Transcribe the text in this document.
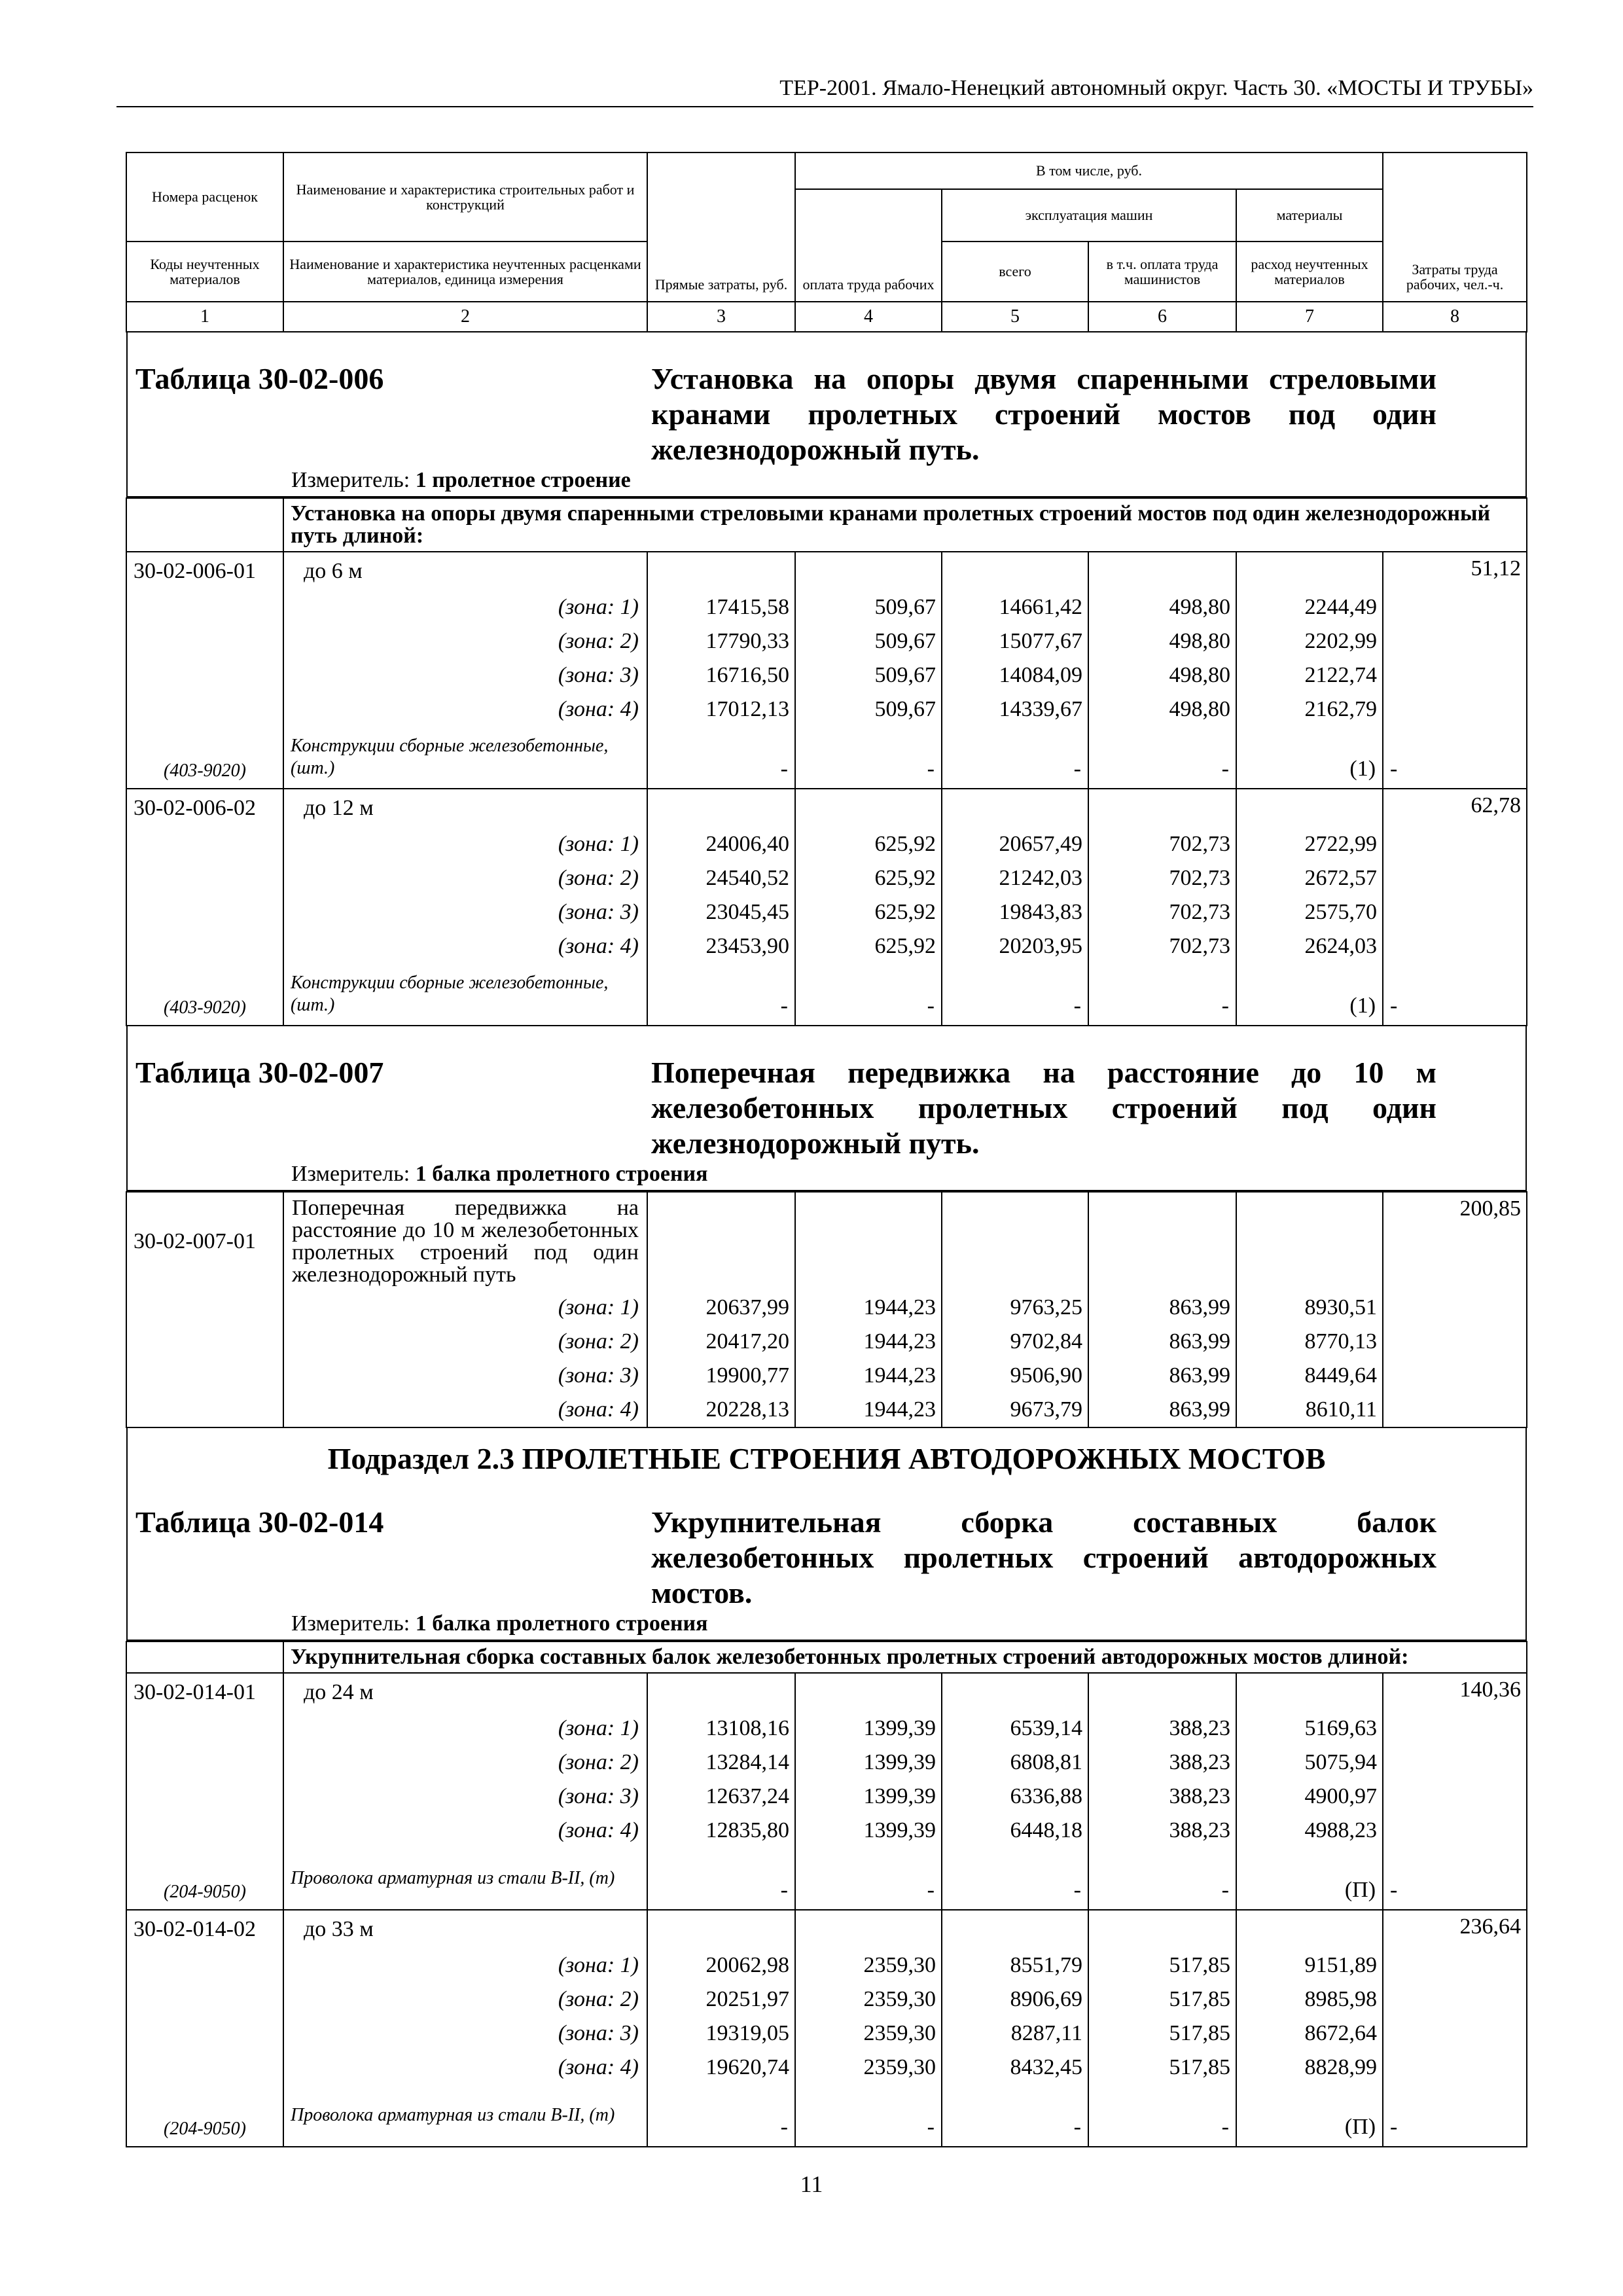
ТЕР-2001. Ямало-Ненецкий автономный округ. Часть 30. «МОСТЫ И ТРУБЫ»
Номера расценок	Наименование и характеристика строительных работ и конструкций	Прямые затраты, руб.	В том числе, руб.				Затраты труда рабочих, чел.-ч.
			оплата труда рабочих	эксплуатация машин		материалы	
Коды неучтенных материалов	Наименование и характеристика неучтенных расценками материалов, единица измерения			всего	в т.ч. оплата труда машинистов	расход неучтенных материалов	
1	2	3	4	5	6	7	8

Таблица 30-02-006 Установка на опоры двумя спаренными стреловыми кранами пролетных строений мостов под один железнодорожный путь.
Измеритель: 1 пролетное строение							

	Установка на опоры двумя спаренными стреловыми кранами пролетных строений мостов под один железнодорожный путь длиной:						
30-02-006-01	до 6 м						51,12
	(зона: 1)	17415,58	509,67	14661,42	498,80	2244,49	
	(зона: 2)	17790,33	509,67	15077,67	498,80	2202,99	
	(зона: 3)	16716,50	509,67	14084,09	498,80	2122,74	
	(зона: 4)	17012,13	509,67	14339,67	498,80	2162,79	
(403-9020)	Конструкции сборные железобетонные, (шт.)	-	-	-	-	(1)	-
30-02-006-02	до 12 м						62,78
	(зона: 1)	24006,40	625,92	20657,49	702,73	2722,99	
	(зона: 2)	24540,52	625,92	21242,03	702,73	2672,57	
	(зона: 3)	23045,45	625,92	19843,83	702,73	2575,70	
	(зона: 4)	23453,90	625,92	20203,95	702,73	2624,03	
(403-9020)	Конструкции сборные железобетонные, (шт.)	-	-	-	-	(1)	-

Таблица 30-02-007 Поперечная передвижка на расстояние до 10 м железобетонных пролетных строений под один железнодорожный путь.
Измеритель: 1 балка пролетного строения							

30-02-007-01	Поперечная передвижка на расстояние до 10 м железобетонных пролетных строений под один железнодорожный путь						200,85
	(зона: 1)	20637,99	1944,23	9763,25	863,99	8930,51	
	(зона: 2)	20417,20	1944,23	9702,84	863,99	8770,13	
	(зона: 3)	19900,77	1944,23	9506,90	863,99	8449,64	
	(зона: 4)	20228,13	1944,23	9673,79	863,99	8610,11	

Подраздел 2.3 ПРОЛЕТНЫЕ СТРОЕНИЯ АВТОДОРОЖНЫХ МОСТОВ
Таблица 30-02-014 Укрупнительная сборка составных балок железобетонных пролетных строений автодорожных мостов.
Измеритель: 1 балка пролетного строения							

	Укрупнительная сборка составных балок железобетонных пролетных строений автодорожных мостов длиной:						
30-02-014-01	до 24 м						140,36
	(зона: 1)	13108,16	1399,39	6539,14	388,23	5169,63	
	(зона: 2)	13284,14	1399,39	6808,81	388,23	5075,94	
	(зона: 3)	12637,24	1399,39	6336,88	388,23	4900,97	
	(зона: 4)	12835,80	1399,39	6448,18	388,23	4988,23	
(204-9050)	Проволока арматурная из стали В-II, (т)	-	-	-	-	(П)	-
30-02-014-02	до 33 м						236,64
	(зона: 1)	20062,98	2359,30	8551,79	517,85	9151,89	
	(зона: 2)	20251,97	2359,30	8906,69	517,85	8985,98	
	(зона: 3)	19319,05	2359,30	8287,11	517,85	8672,64	
	(зона: 4)	19620,74	2359,30	8432,45	517,85	8828,99	
(204-9050)	Проволока арматурная из стали В-II, (т)	-	-	-	-	(П)	-
11
